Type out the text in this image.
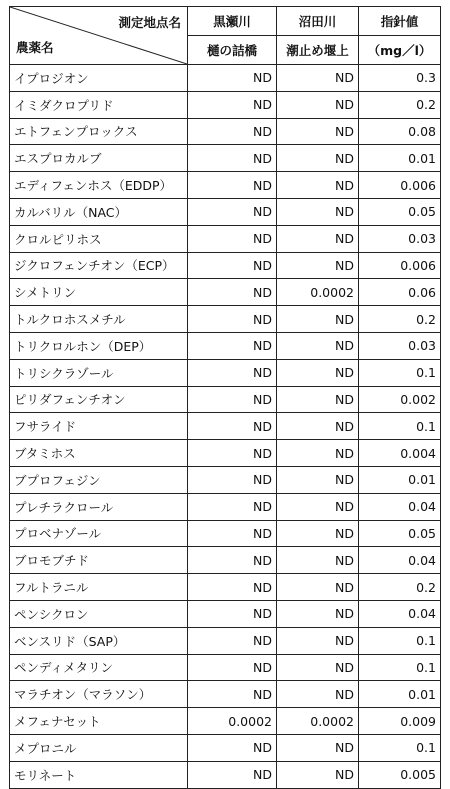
測定地点名
農薬名	黒瀬川	沼田川	指針値
	樋の詰橋	潮止め堰上	（mg／l）
イプロジオン	ND	ND	0.3
イミダクロプリド	ND	ND	0.2
エトフェンプロックス	ND	ND	0.08
エスプロカルブ	ND	ND	0.01
エディフェンホス（EDDP）	ND	ND	0.006
カルバリル（NAC）	ND	ND	0.05
クロルピリホス	ND	ND	0.03
ジクロフェンチオン（ECP）	ND	ND	0.006
シメトリン	ND	0.0002	0.06
トルクロホスメチル	ND	ND	0.2
トリクロルホン（DEP）	ND	ND	0.03
トリシクラゾール	ND	ND	0.1
ピリダフェンチオン	ND	ND	0.002
フサライド	ND	ND	0.1
ブタミホス	ND	ND	0.004
ブプロフェジン	ND	ND	0.01
プレチラクロール	ND	ND	0.04
プロベナゾール	ND	ND	0.05
ブロモブチド	ND	ND	0.04
フルトラニル	ND	ND	0.2
ペンシクロン	ND	ND	0.04
ベンスリド（SAP）	ND	ND	0.1
ペンディメタリン	ND	ND	0.1
マラチオン（マラソン）	ND	ND	0.01
メフェナセット	0.0002	0.0002	0.009
メプロニル	ND	ND	0.1
モリネート	ND	ND	0.005
